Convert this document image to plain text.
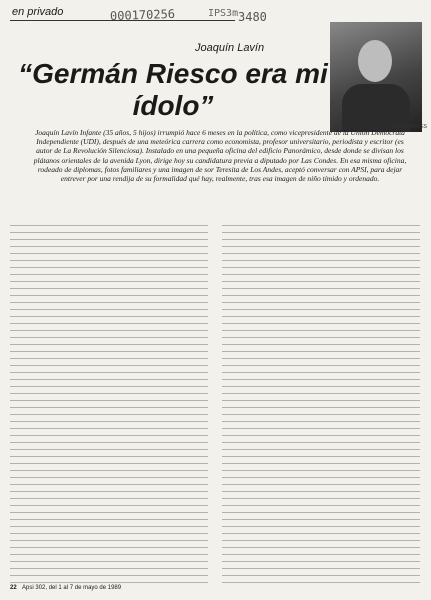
en privado	000170256	IPS3m 3480
Joaquín Lavín
“Germán Riesco era mi ídolo”
SAN FUENTES
Joaquín Lavín Infante (35 años, 5 hijos) irrumpió hace 6 meses en la política, como vicepresidente de la Unión Demócrata Independiente (UDI), después de una meteórica carrera como economista, profesor universitario, periodista y escritor (es autor de La Revolución Silenciosa). Instalado en una pequeña oficina del edificio Panorámico, desde donde se divisan los plátanos orientales de la avenida Lyon, dirige hoy su candidatura previa a diputado por Las Condes. En esa misma oficina, rodeado de diplomas, fotos familiares y una imagen de sor Teresita de Los Andes, aceptó conversar con APSI, para dejar entrever por una rendija de su formalidad qué hay, realmente, tras esa imagen de niño tímido y ordenado.
22 Apsi 302, del 1 al 7 de mayo de 1989
